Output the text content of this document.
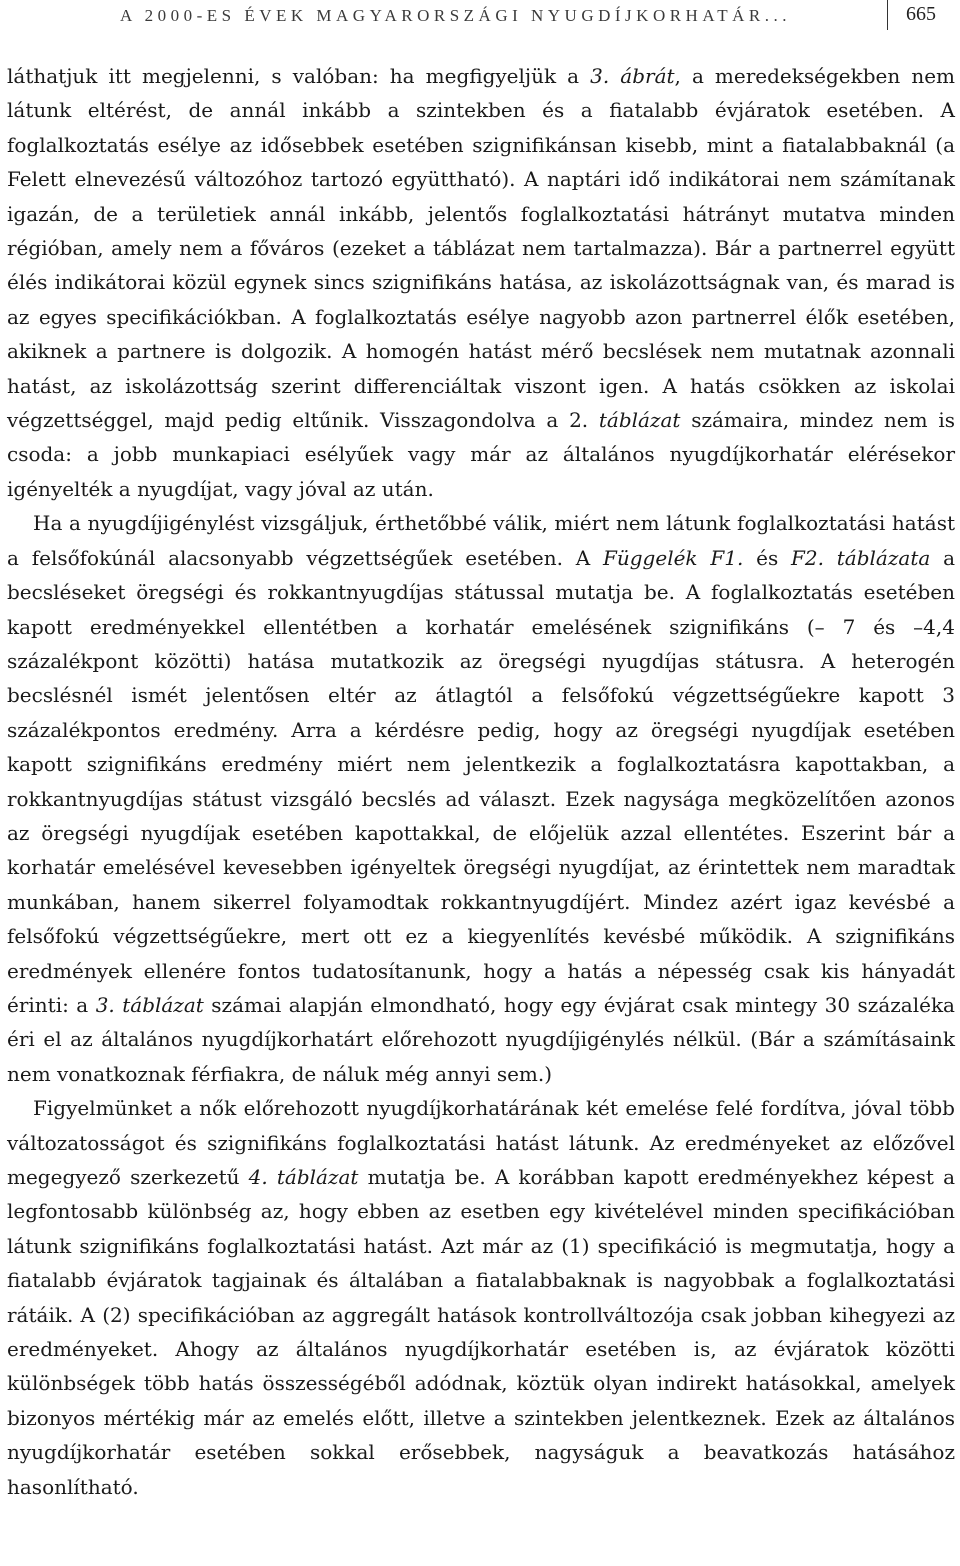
A 2000-ES ÉVEK MAGYARORSZÁGI NYUGDÍJKORHATÁR...	665

láthatjuk itt megjelenni, s valóban: ha megfigyeljük a 3. ábrát, a meredekségekben nem látunk eltérést, de annál inkább a szintekben és a fiatalabb évjáratok esetében. A foglalkoztatás esélye az idősebbek esetében szignifikánsan kisebb, mint a fiatalabbaknál (a Felett elnevezésű változóhoz tartozó együttható). A naptári idő indikátorai nem számítanak igazán, de a területiek annál inkább, jelentős foglalkoztatási hátrányt mutatva minden régióban, amely nem a főváros (ezeket a táblázat nem tartalmazza). Bár a partnerrel együtt élés indikátorai közül egynek sincs szignifikáns hatása, az iskolázottságnak van, és marad is az egyes specifikációkban. A foglalkoztatás esélye nagyobb azon partnerrel élők esetében, akiknek a partnere is dolgozik. A homogén hatást mérő becslések nem mutatnak azonnali hatást, az iskolázottság szerint differenciáltak viszont igen. A hatás csökken az iskolai végzettséggel, majd pedig eltűnik. Visszagondolva a 2. táblázat számaira, mindez nem is csoda: a jobb munkapiaci esélyűek vagy már az általános nyugdíjkorhatár elérésekor igényelték a nyugdíjat, vagy jóval az után.

Ha a nyugdíjigénylést vizsgáljuk, érthetőbbé válik, miért nem látunk foglalkoztatási hatást a felsőfokúnál alacsonyabb végzettségűek esetében. A Függelék F1. és F2. táblázata a becsléseket öregségi és rokkantnyugdíjas státussal mutatja be. A foglalkoztatás esetében kapott eredményekkel ellentétben a korhatár emelésének szignifikáns (– 7 és –4,4 százalékpont közötti) hatása mutatkozik az öregségi nyugdíjas státusra. A heterogén becslésnél ismét jelentősen eltér az átlagtól a felsőfokú végzettségűekre kapott 3 százalékpontos eredmény. Arra a kérdésre pedig, hogy az öregségi nyugdíjak esetében kapott szignifikáns eredmény miért nem jelentkezik a foglalkoztatásra kapottakban, a rokkantnyugdíjas státust vizsgáló becslés ad választ. Ezek nagysága megközelítően azonos az öregségi nyugdíjak esetében kapottakkal, de előjelük azzal ellentétes. Eszerint bár a korhatár emelésével kevesebben igényeltek öregségi nyugdíjat, az érintettek nem maradtak munkában, hanem sikerrel folyamodtak rokkantnyugdíjért. Mindez azért igaz kevésbé a felsőfokú végzettségűekre, mert ott ez a kiegyenlítés kevésbé működik. A szignifikáns eredmények ellenére fontos tudatosítanunk, hogy a hatás a népesség csak kis hányadát érinti: a 3. táblázat számai alapján elmondható, hogy egy évjárat csak mintegy 30 százaléka éri el az általános nyugdíjkorhatárt előrehozott nyugdíjigénylés nélkül. (Bár a számításaink nem vonatkoznak férfiakra, de náluk még annyi sem.)

Figyelmünket a nők előrehozott nyugdíjkorhatárának két emelése felé fordítva, jóval több változatosságot és szignifikáns foglalkoztatási hatást látunk. Az eredményeket az előzővel megegyező szerkezetű 4. táblázat mutatja be. A korábban kapott eredményekhez képest a legfontosabb különbség az, hogy ebben az esetben egy kivételével minden specifikációban látunk szignifikáns foglalkoztatási hatást. Azt már az (1) specifikáció is megmutatja, hogy a fiatalabb évjáratok tagjainak és általában a fiatalabbaknak is nagyobbak a foglalkoztatási rátáik. A (2) specifikációban az aggregált hatások kontrollváltozója csak jobban kihegyezi az eredményeket. Ahogy az általános nyugdíjkorhatár esetében is, az évjáratok közötti különbségek több hatás összességéből adódnak, köztük olyan indirekt hatásokkal, amelyek bizonyos mértékig már az emelés előtt, illetve a szintekben jelentkeznek. Ezek az általános nyugdíjkorhatár esetében sokkal erősebbek, nagyságuk a beavatkozás hatásához hasonlítható.
